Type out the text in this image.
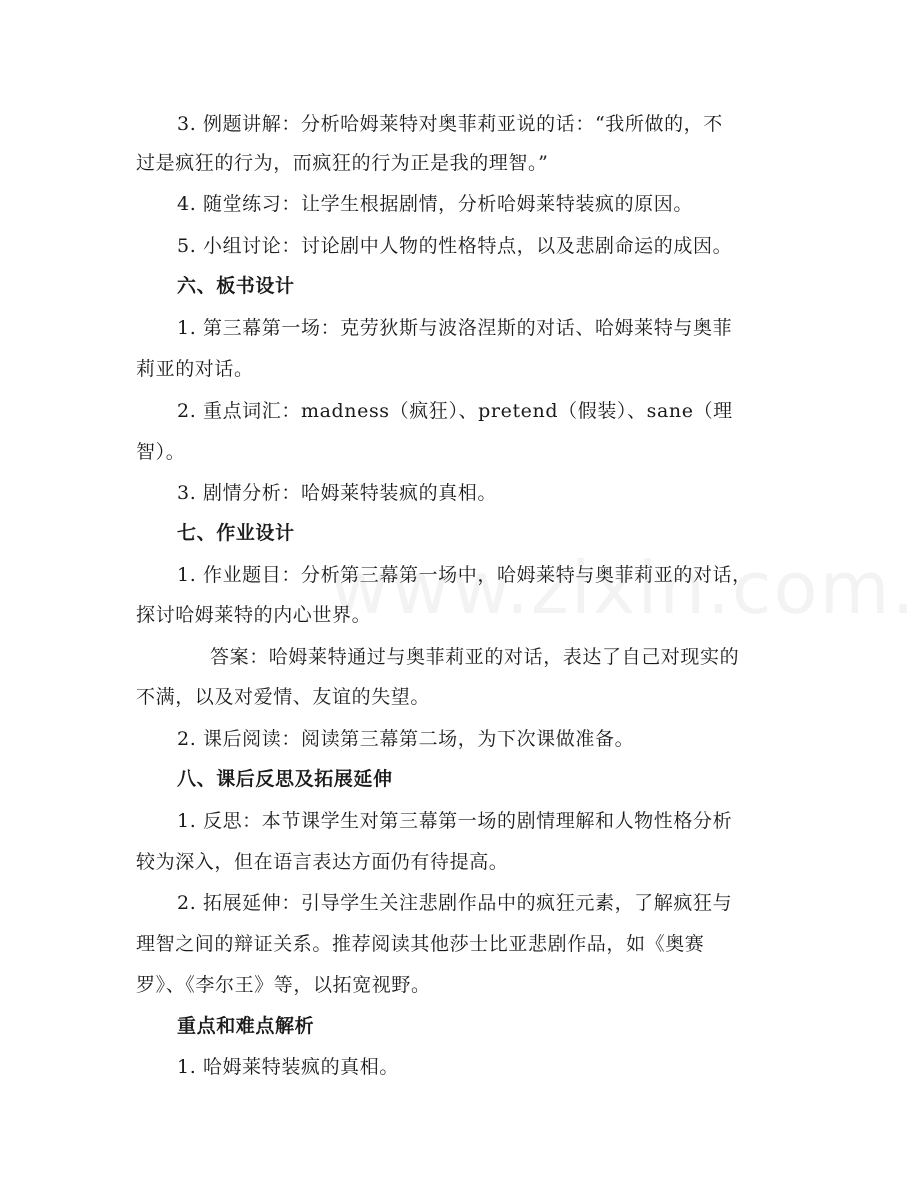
3. 例题讲解：分析哈姆莱特对奥菲莉亚说的话：“我所做的，不
过是疯狂的行为，而疯狂的行为正是我的理智。”
4. 随堂练习：让学生根据剧情，分析哈姆莱特装疯的原因。
5. 小组讨论：讨论剧中人物的性格特点，以及悲剧命运的成因。
六、板书设计
1. 第三幕第一场：克劳狄斯与波洛涅斯的对话、哈姆莱特与奥菲
莉亚的对话。
2. 重点词汇：madness（疯狂）、pretend（假装）、sane（理
智）。
3. 剧情分析：哈姆莱特装疯的真相。
七、作业设计
1. 作业题目：分析第三幕第一场中，哈姆莱特与奥菲莉亚的对话，
探讨哈姆莱特的内心世界。
答案：哈姆莱特通过与奥菲莉亚的对话，表达了自己对现实的
不满，以及对爱情、友谊的失望。
2. 课后阅读：阅读第三幕第二场，为下次课做准备。
八、课后反思及拓展延伸
1. 反思：本节课学生对第三幕第一场的剧情理解和人物性格分析
较为深入，但在语言表达方面仍有待提高。
2. 拓展延伸：引导学生关注悲剧作品中的疯狂元素，了解疯狂与
理智之间的辩证关系。推荐阅读其他莎士比亚悲剧作品，如《奥赛
罗》、《李尔王》等，以拓宽视野。
重点和难点解析
1. 哈姆莱特装疯的真相。
